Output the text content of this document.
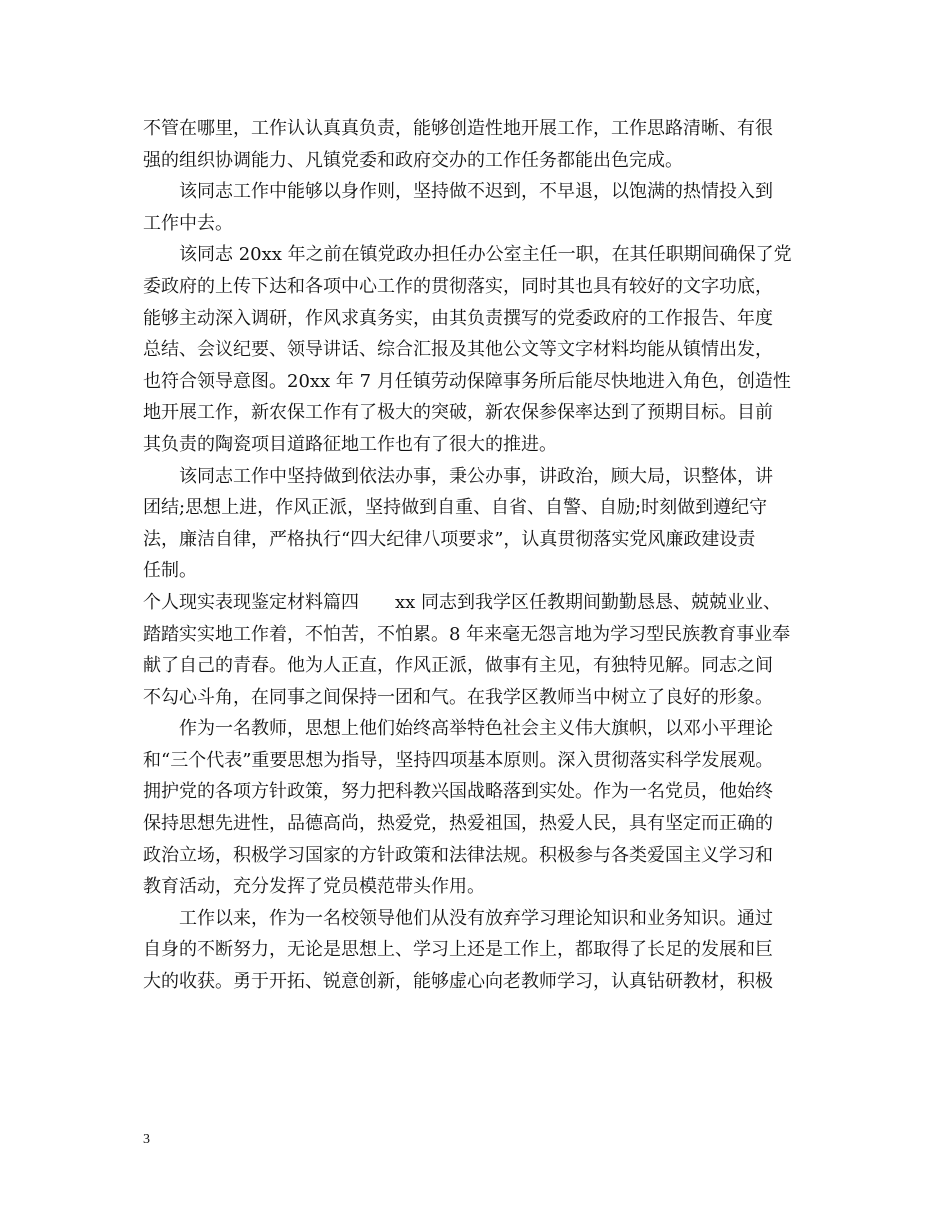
不管在哪里，工作认认真真负责，能够创造性地开展工作，工作思路清晰、有很
强的组织协调能力、凡镇党委和政府交办的工作任务都能出色完成。
该同志工作中能够以身作则，坚持做不迟到，不早退，以饱满的热情投入到
工作中去。
该同志 20xx 年之前在镇党政办担任办公室主任一职，在其任职期间确保了党
委政府的上传下达和各项中心工作的贯彻落实，同时其也具有较好的文字功底，
能够主动深入调研，作风求真务实，由其负责撰写的党委政府的工作报告、年度
总结、会议纪要、领导讲话、综合汇报及其他公文等文字材料均能从镇情出发，
也符合领导意图。20xx 年 7 月任镇劳动保障事务所后能尽快地进入角色，创造性
地开展工作，新农保工作有了极大的突破，新农保参保率达到了预期目标。目前
其负责的陶瓷项目道路征地工作也有了很大的推进。
该同志工作中坚持做到依法办事，秉公办事，讲政治，顾大局，识整体，讲
团结;思想上进，作风正派，坚持做到自重、自省、自警、自励;时刻做到遵纪守
法，廉洁自律，严格执行“四大纪律八项要求”，认真贯彻落实党风廉政建设责
任制。
个人现实表现鉴定材料篇四 xx 同志到我学区任教期间勤勤恳恳、兢兢业业、
踏踏实实地工作着，不怕苦，不怕累。8 年来毫无怨言地为学习型民族教育事业奉
献了自己的青春。他为人正直，作风正派，做事有主见，有独特见解。同志之间
不勾心斗角，在同事之间保持一团和气。在我学区教师当中树立了良好的形象。
作为一名教师，思想上他们始终高举特色社会主义伟大旗帜，以邓小平理论
和“三个代表”重要思想为指导，坚持四项基本原则。深入贯彻落实科学发展观。
拥护党的各项方针政策，努力把科教兴国战略落到实处。作为一名党员，他始终
保持思想先进性，品德高尚，热爱党，热爱祖国，热爱人民，具有坚定而正确的
政治立场，积极学习国家的方针政策和法律法规。积极参与各类爱国主义学习和
教育活动，充分发挥了党员模范带头作用。
工作以来，作为一名校领导他们从没有放弃学习理论知识和业务知识。通过
自身的不断努力，无论是思想上、学习上还是工作上，都取得了长足的发展和巨
大的收获。勇于开拓、锐意创新，能够虚心向老教师学习，认真钻研教材，积极
3
